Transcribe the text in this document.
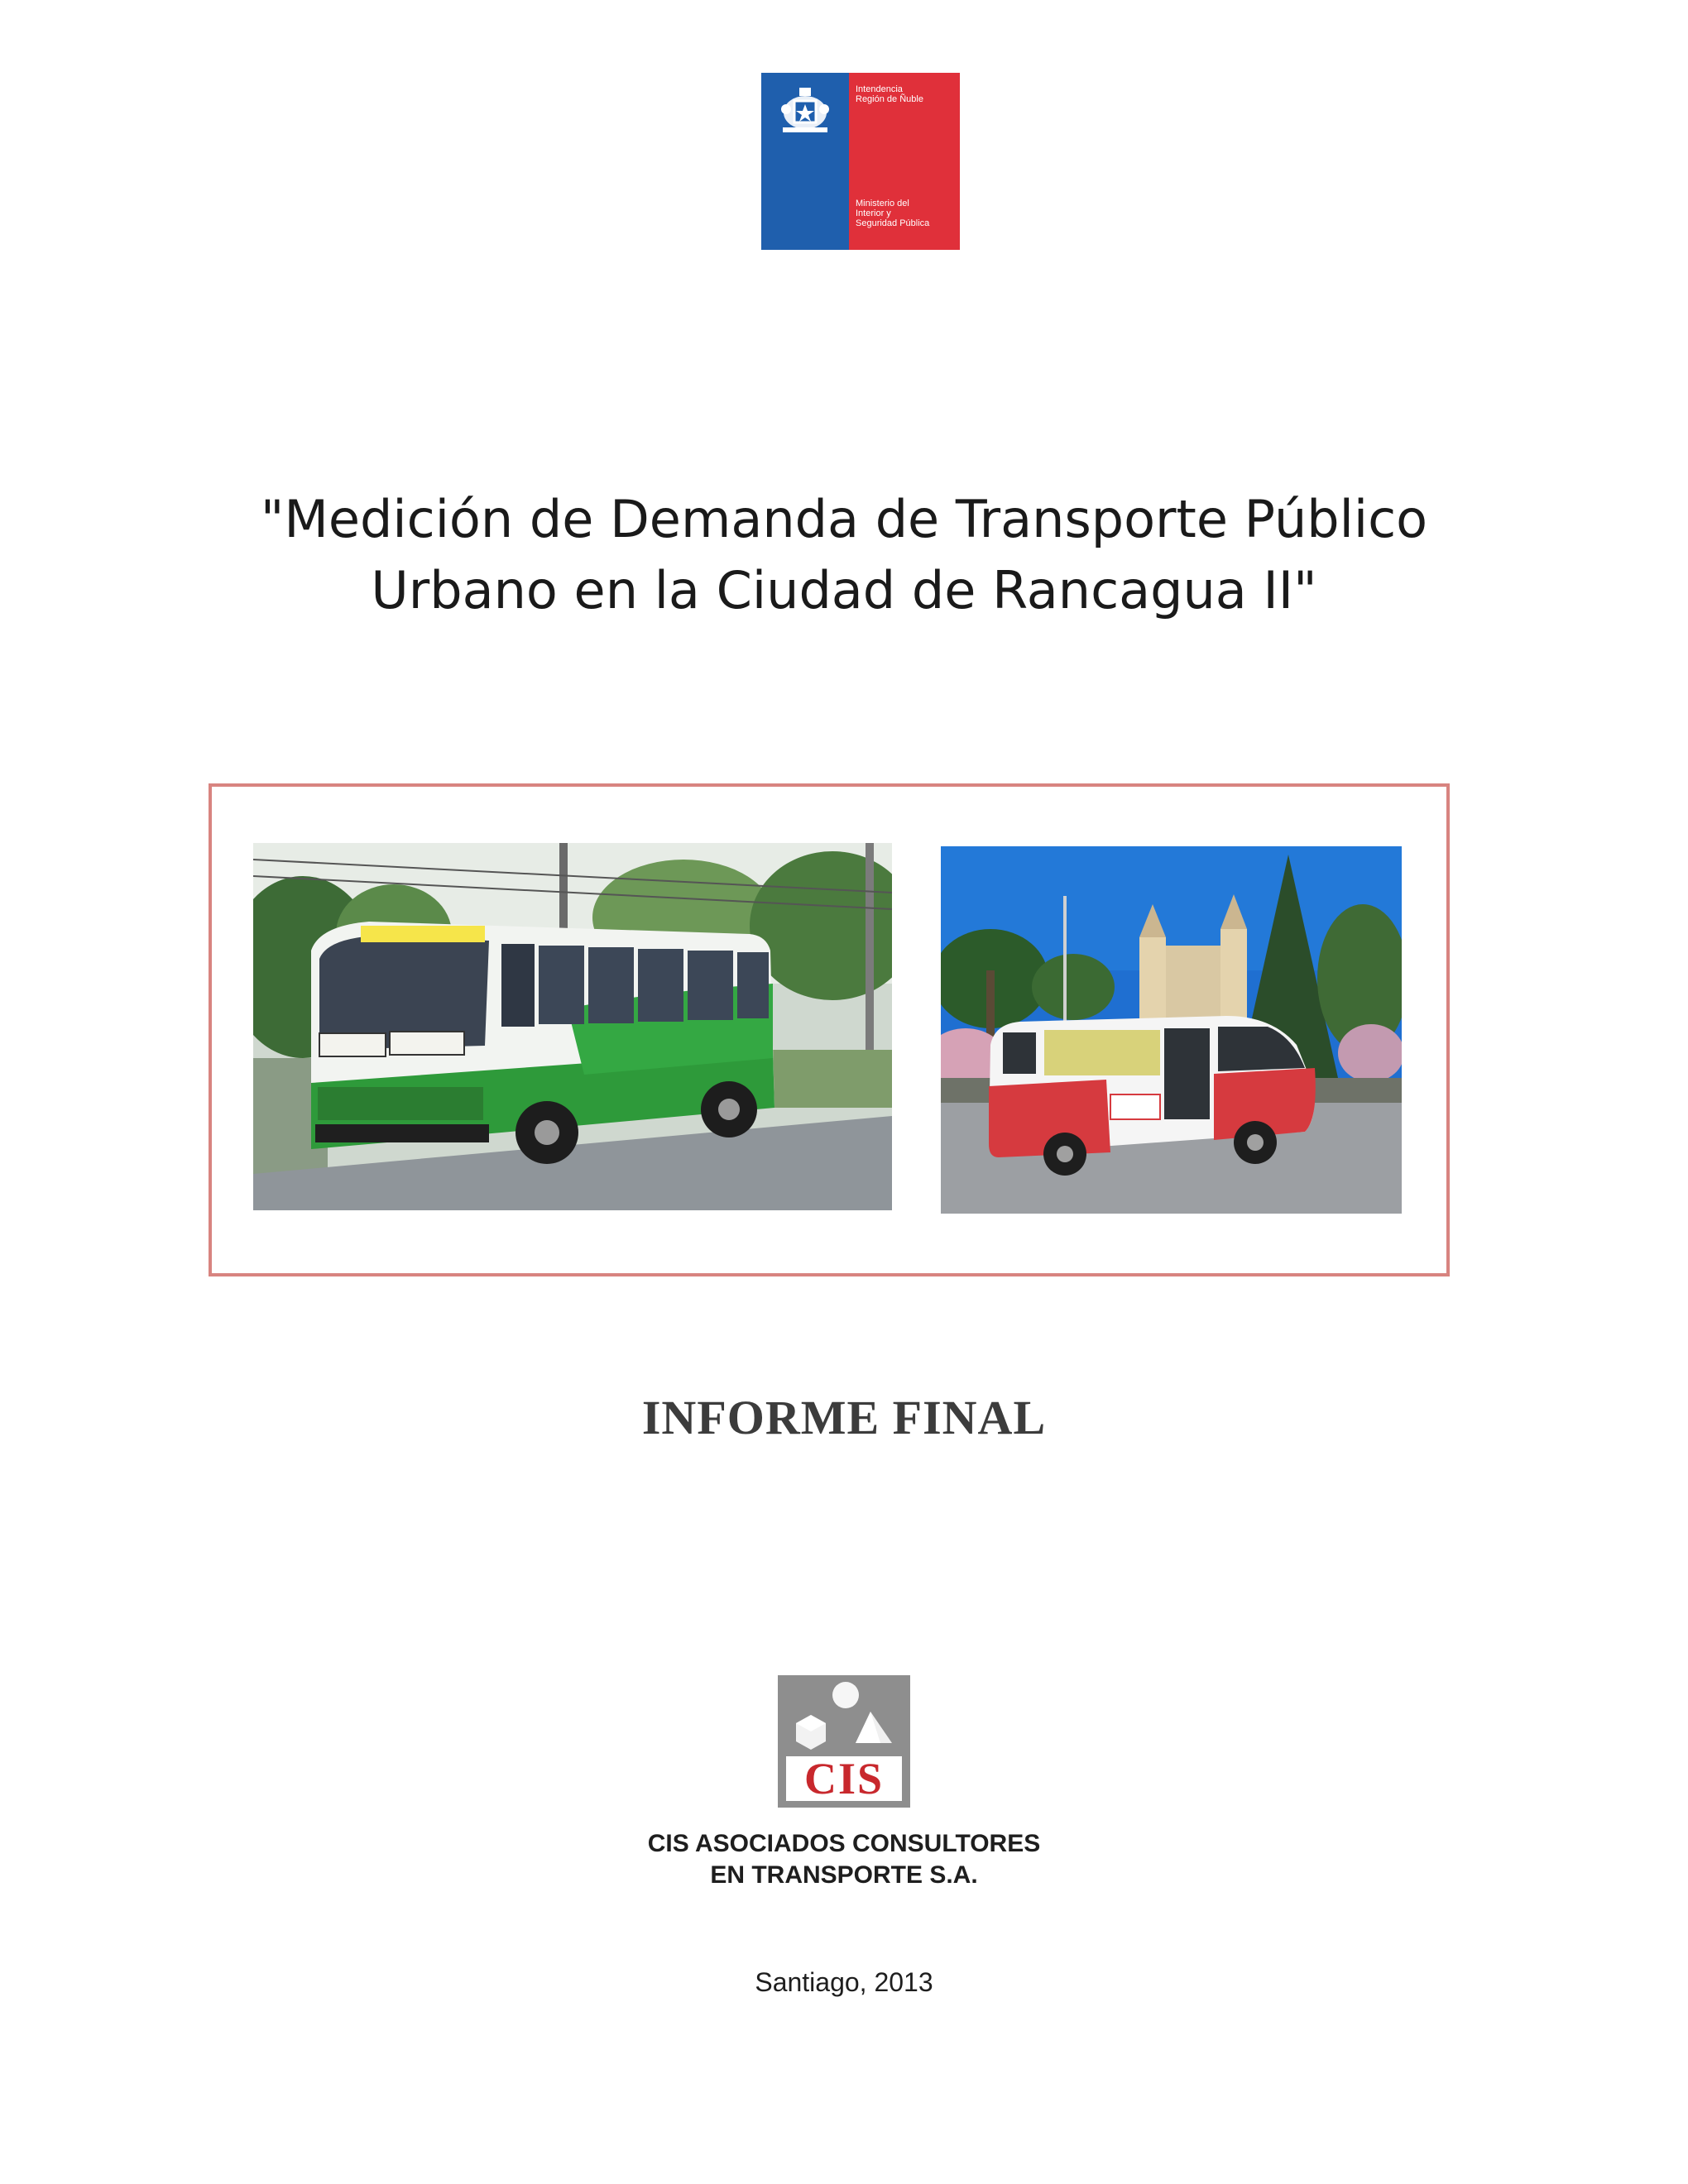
Intendencia
Región de Ñuble
Ministerio del
Interior y
Seguridad Pública
"Medición de Demanda de Transporte Público
Urbano en la Ciudad de Rancagua II"
INFORME FINAL
CIS
CIS ASOCIADOS CONSULTORES
EN TRANSPORTE S.A.
Santiago, 2013
